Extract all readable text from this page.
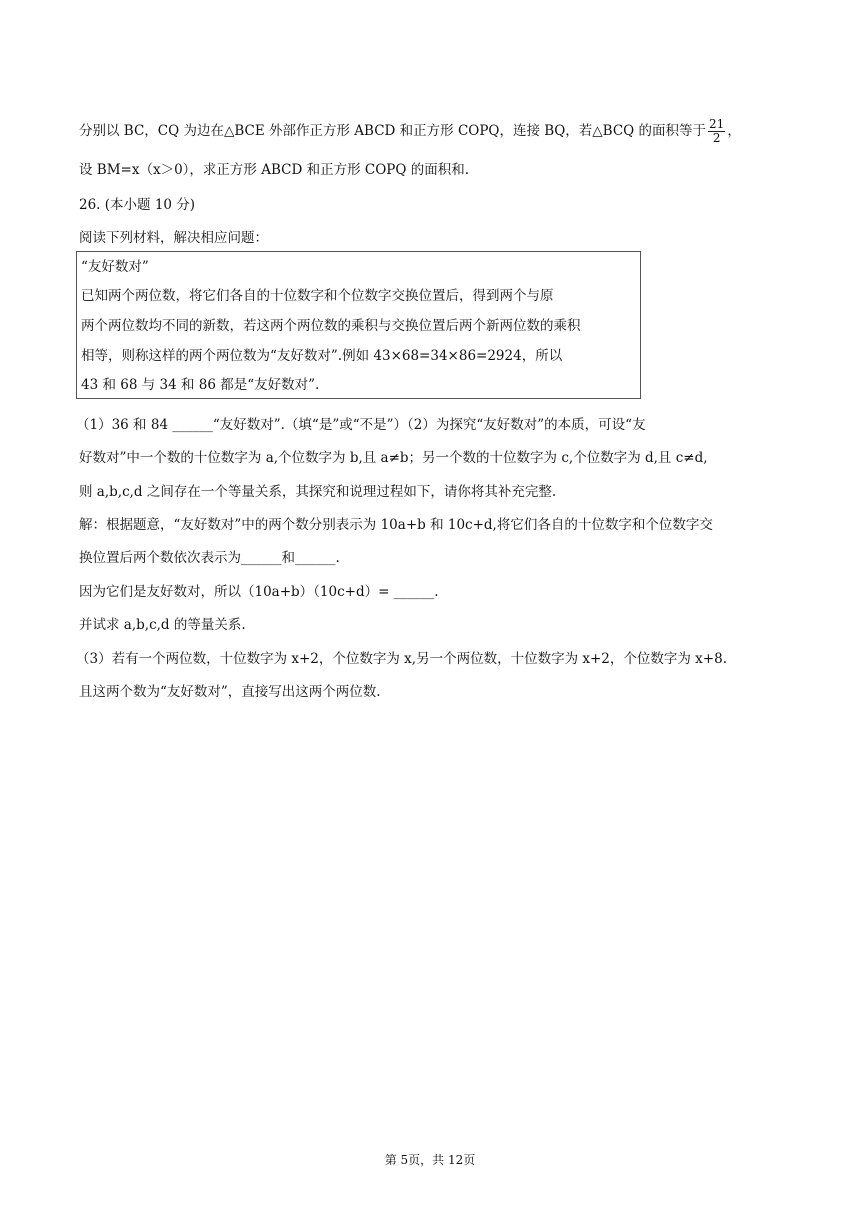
分别以 BC，CQ 为边在△BCE 外部作正方形 ABCD 和正方形 COPQ，连接 BQ，若△BCQ 的面积等于 $\frac{21}{2}$ ，
设 BM=x（x＞0），求正方形 ABCD 和正方形 COPQ 的面积和.
26. (本小题 10 分)
阅读下列材料，解决相应问题：
“友好数对”
已知两个两位数，将它们各自的十位数字和个位数字交换位置后，得到两个与原
两个两位数均不同的新数，若这两个两位数的乘积与交换位置后两个新两位数的乘积
相等，则称这样的两个两位数为“友好数对”.例如 43×68=34×86=2924，所以
43 和 68 与 34 和 86 都是“友好数对”.
（1）36 和 84 ______“友好数对”.（填“是”或“不是”）（2）为探究“友好数对”的本质，可设“友
好数对”中一个数的十位数字为 a,个位数字为 b,且 a≠b；另一个数的十位数字为 c,个位数字为 d,且 c≠d,
则 a,b,c,d 之间存在一个等量关系，其探究和说理过程如下，请你将其补充完整.
解：根据题意，“友好数对”中的两个数分别表示为 10a+b 和 10c+d,将它们各自的十位数字和个位数字交
换位置后两个数依次表示为______和______.
因为它们是友好数对，所以（10a+b）（10c+d）= ______.
并试求 a,b,c,d 的等量关系.
（3）若有一个两位数，十位数字为 x+2，个位数字为 x,另一个两位数，十位数字为 x+2，个位数字为 x+8.
且这两个数为“友好数对”，直接写出这两个两位数.
第 5页，共 12页
